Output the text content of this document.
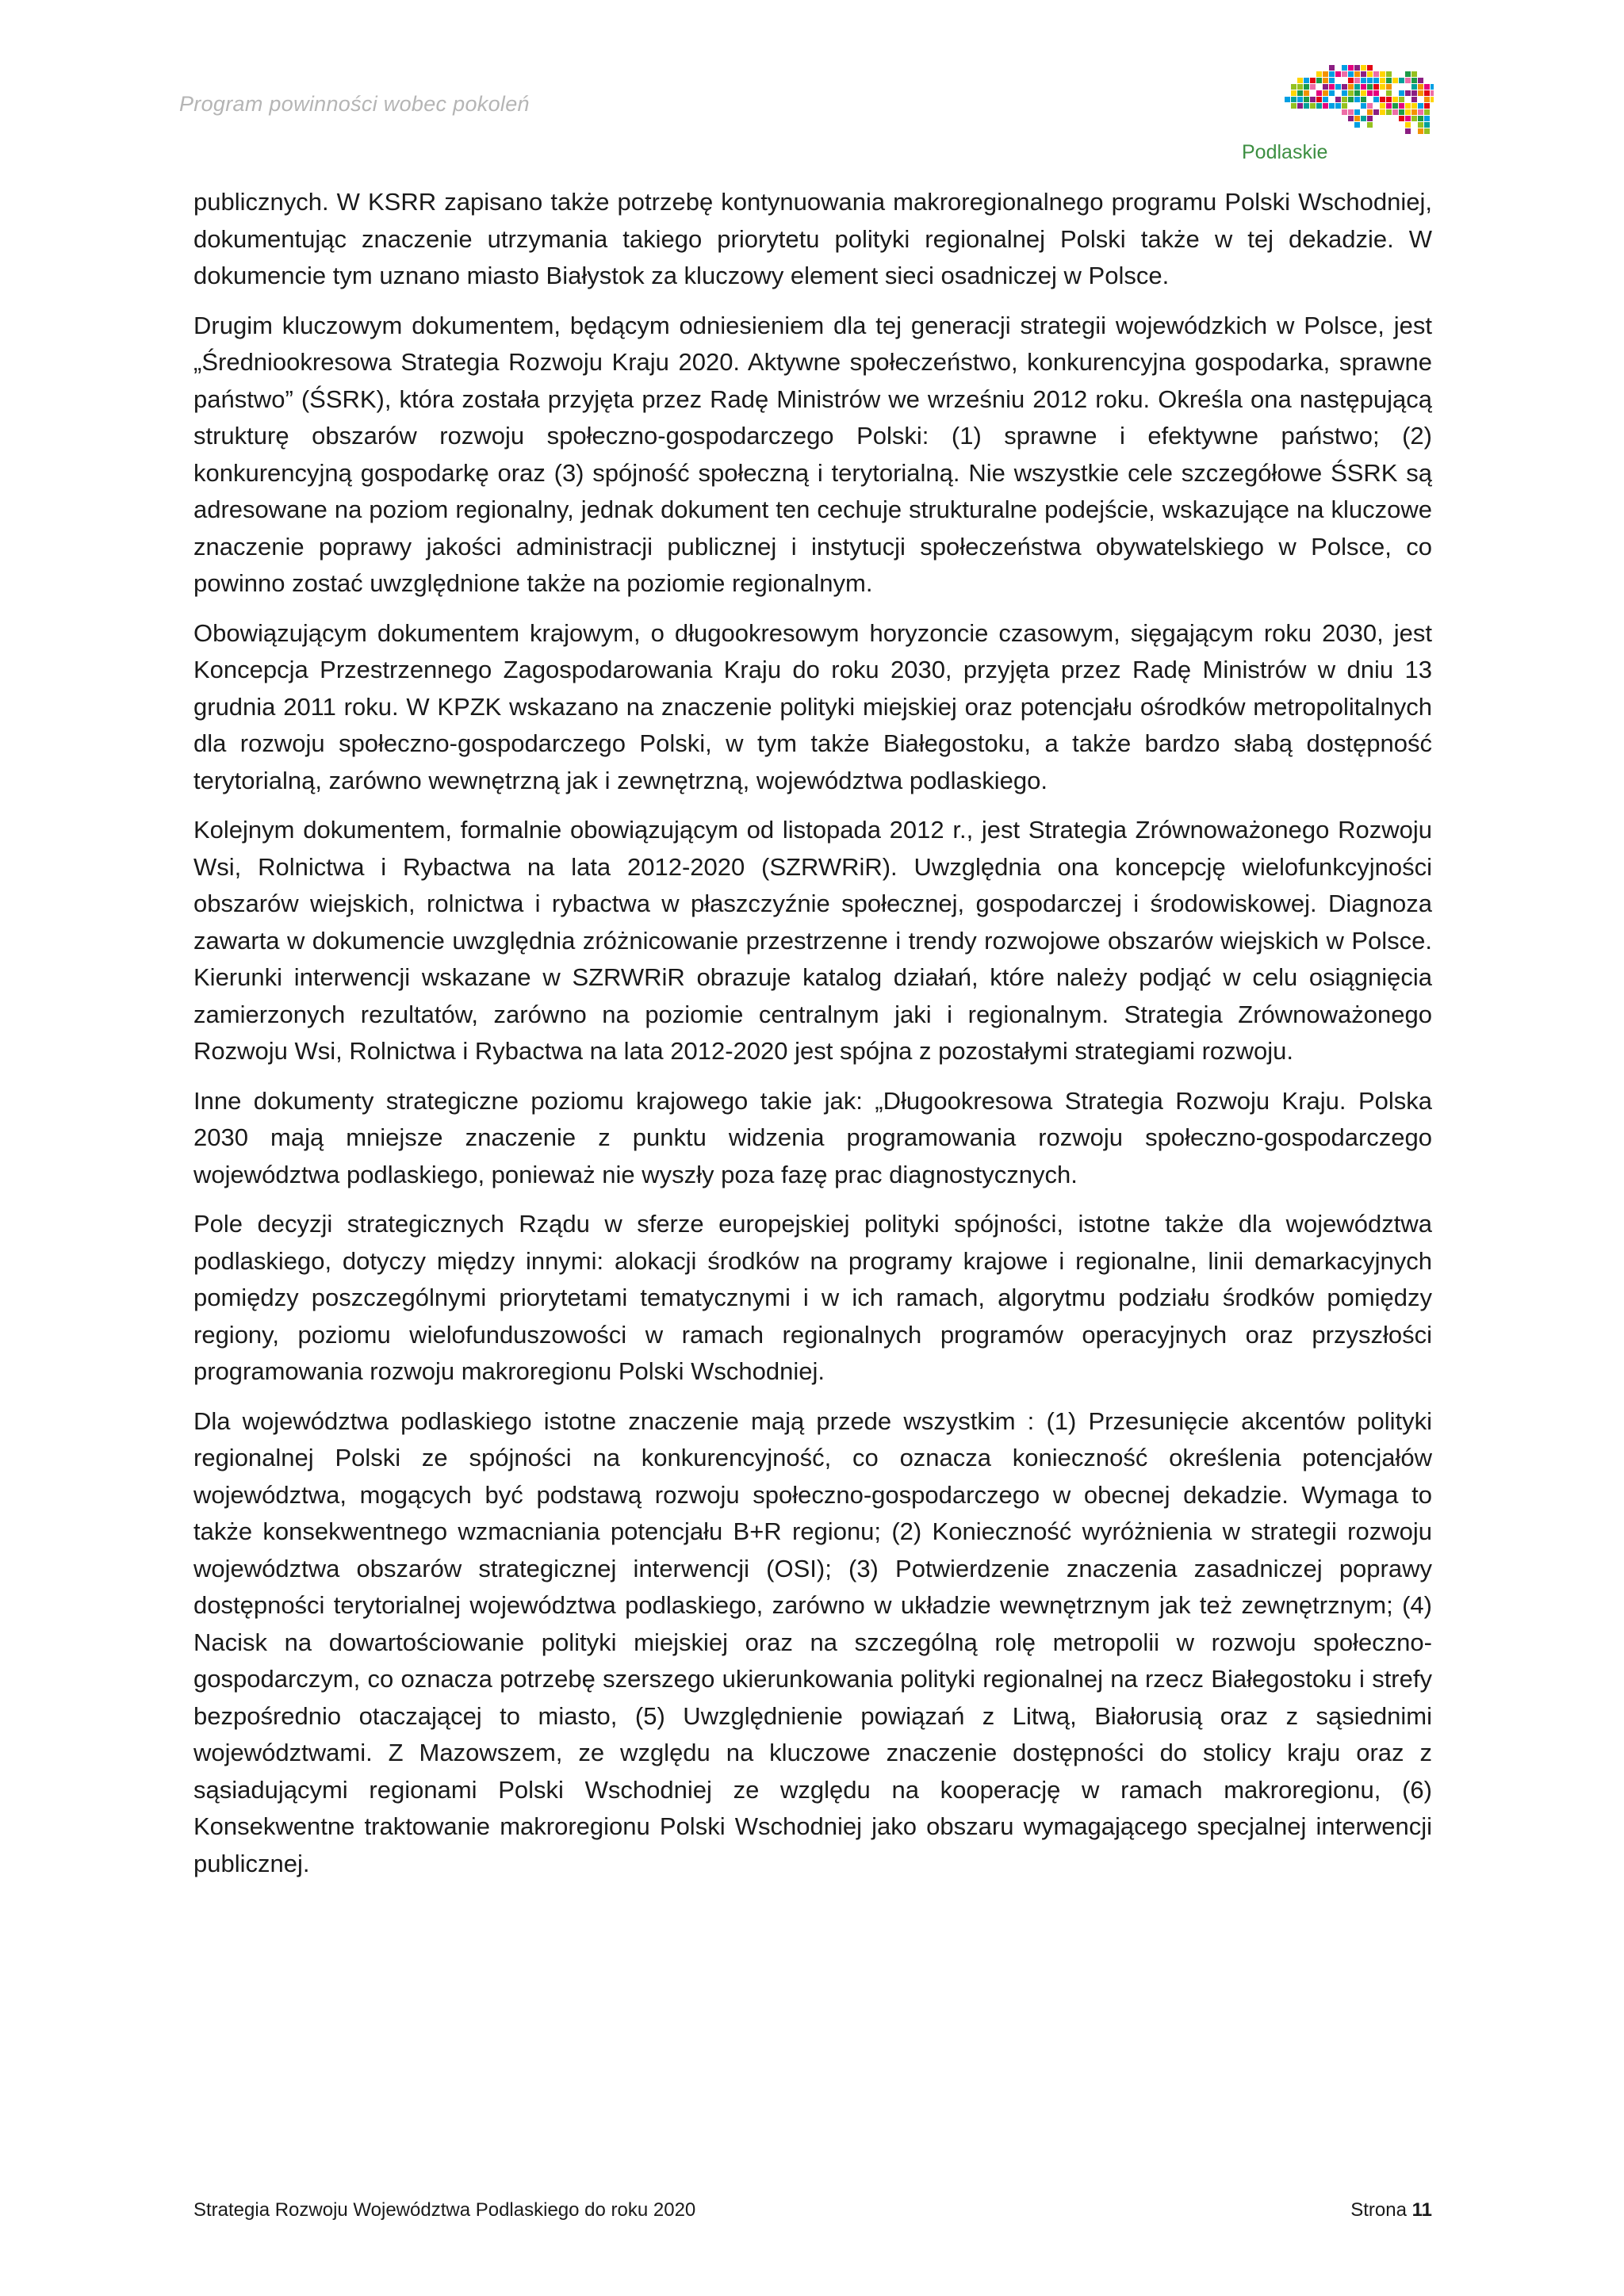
Program powinności wobec pokoleń
Podlaskie

publicznych. W KSRR zapisano także potrzebę kontynuowania makroregionalnego programu Polski Wschodniej, dokumentując znaczenie utrzymania takiego priorytetu polityki regionalnej Polski także w tej dekadzie. W dokumencie tym uznano miasto Białystok za kluczowy element sieci osadniczej w Polsce.

Drugim kluczowym dokumentem, będącym odniesieniem dla tej generacji strategii wojewódzkich w Polsce, jest „Średniookresowa Strategia Rozwoju Kraju 2020. Aktywne społeczeństwo, konkurencyjna gospodarka, sprawne państwo” (ŚSRK), która została przyjęta przez Radę Ministrów we wrześniu 2012 roku. Określa ona następującą strukturę obszarów rozwoju społeczno-gospodarczego Polski: (1) sprawne i efektywne państwo; (2) konkurencyjną gospodarkę oraz (3) spójność społeczną i terytorialną. Nie wszystkie cele szczegółowe ŚSRK są adresowane na poziom regionalny, jednak dokument ten cechuje strukturalne podejście, wskazujące na kluczowe znaczenie poprawy jakości administracji publicznej i instytucji społeczeństwa obywatelskiego w Polsce, co powinno zostać uwzględnione także na poziomie regionalnym.

Obowiązującym dokumentem krajowym, o długookresowym horyzoncie czasowym, sięgającym roku 2030, jest Koncepcja Przestrzennego Zagospodarowania Kraju do roku 2030, przyjęta przez Radę Ministrów w dniu 13 grudnia 2011 roku. W KPZK wskazano na znaczenie polityki miejskiej oraz potencjału ośrodków metropolitalnych dla rozwoju społeczno-gospodarczego Polski, w tym także Białegostoku, a także bardzo słabą dostępność terytorialną, zarówno wewnętrzną jak i zewnętrzną, województwa podlaskiego.

Kolejnym dokumentem, formalnie obowiązującym od listopada 2012 r., jest Strategia Zrównoważonego Rozwoju Wsi, Rolnictwa i Rybactwa na lata 2012-2020 (SZRWRiR). Uwzględnia ona koncepcję wielofunkcyjności obszarów wiejskich, rolnictwa i rybactwa w płaszczyźnie społecznej, gospodarczej i środowiskowej. Diagnoza zawarta w dokumencie uwzględnia zróżnicowanie przestrzenne i trendy rozwojowe obszarów wiejskich w Polsce. Kierunki interwencji wskazane w SZRWRiR obrazuje katalog działań, które należy podjąć w celu osiągnięcia zamierzonych rezultatów, zarówno na poziomie centralnym jaki i regionalnym. Strategia Zrównoważonego Rozwoju Wsi, Rolnictwa i Rybactwa na lata 2012-2020 jest spójna z pozostałymi strategiami rozwoju.

Inne dokumenty strategiczne poziomu krajowego takie jak: „Długookresowa Strategia Rozwoju Kraju. Polska 2030 mają mniejsze znaczenie z punktu widzenia programowania rozwoju społeczno-gospodarczego województwa podlaskiego, ponieważ nie wyszły poza fazę prac diagnostycznych.

Pole decyzji strategicznych Rządu w sferze europejskiej polityki spójności, istotne także dla województwa podlaskiego, dotyczy między innymi: alokacji środków na programy krajowe i regionalne, linii demarkacyjnych pomiędzy poszczególnymi priorytetami tematycznymi i w ich ramach, algorytmu podziału środków pomiędzy regiony, poziomu wielofunduszowości w ramach regionalnych programów operacyjnych oraz przyszłości programowania rozwoju makroregionu Polski Wschodniej.

Dla województwa podlaskiego istotne znaczenie mają przede wszystkim : (1) Przesunięcie akcentów polityki regionalnej Polski ze spójności na konkurencyjność, co oznacza konieczność określenia potencjałów województwa, mogących być podstawą rozwoju społeczno-gospodarczego w obecnej dekadzie. Wymaga to także konsekwentnego wzmacniania potencjału B+R regionu; (2) Konieczność wyróżnienia w strategii rozwoju województwa obszarów strategicznej interwencji (OSI); (3) Potwierdzenie znaczenia zasadniczej poprawy dostępności terytorialnej województwa podlaskiego, zarówno w układzie wewnętrznym jak też zewnętrznym; (4) Nacisk na dowartościowanie polityki miejskiej oraz na szczególną rolę metropolii w rozwoju społeczno-gospodarczym, co oznacza potrzebę szerszego ukierunkowania polityki regionalnej na rzecz Białegostoku i strefy bezpośrednio otaczającej to miasto, (5) Uwzględnienie powiązań z Litwą, Białorusią oraz z sąsiednimi województwami. Z Mazowszem, ze względu na kluczowe znaczenie dostępności do stolicy kraju oraz z sąsiadującymi regionami Polski Wschodniej ze względu na kooperację w ramach makroregionu, (6) Konsekwentne traktowanie makroregionu Polski Wschodniej jako obszaru wymagającego specjalnej interwencji publicznej.

Strategia Rozwoju Województwa Podlaskiego do roku 2020	Strona 11
